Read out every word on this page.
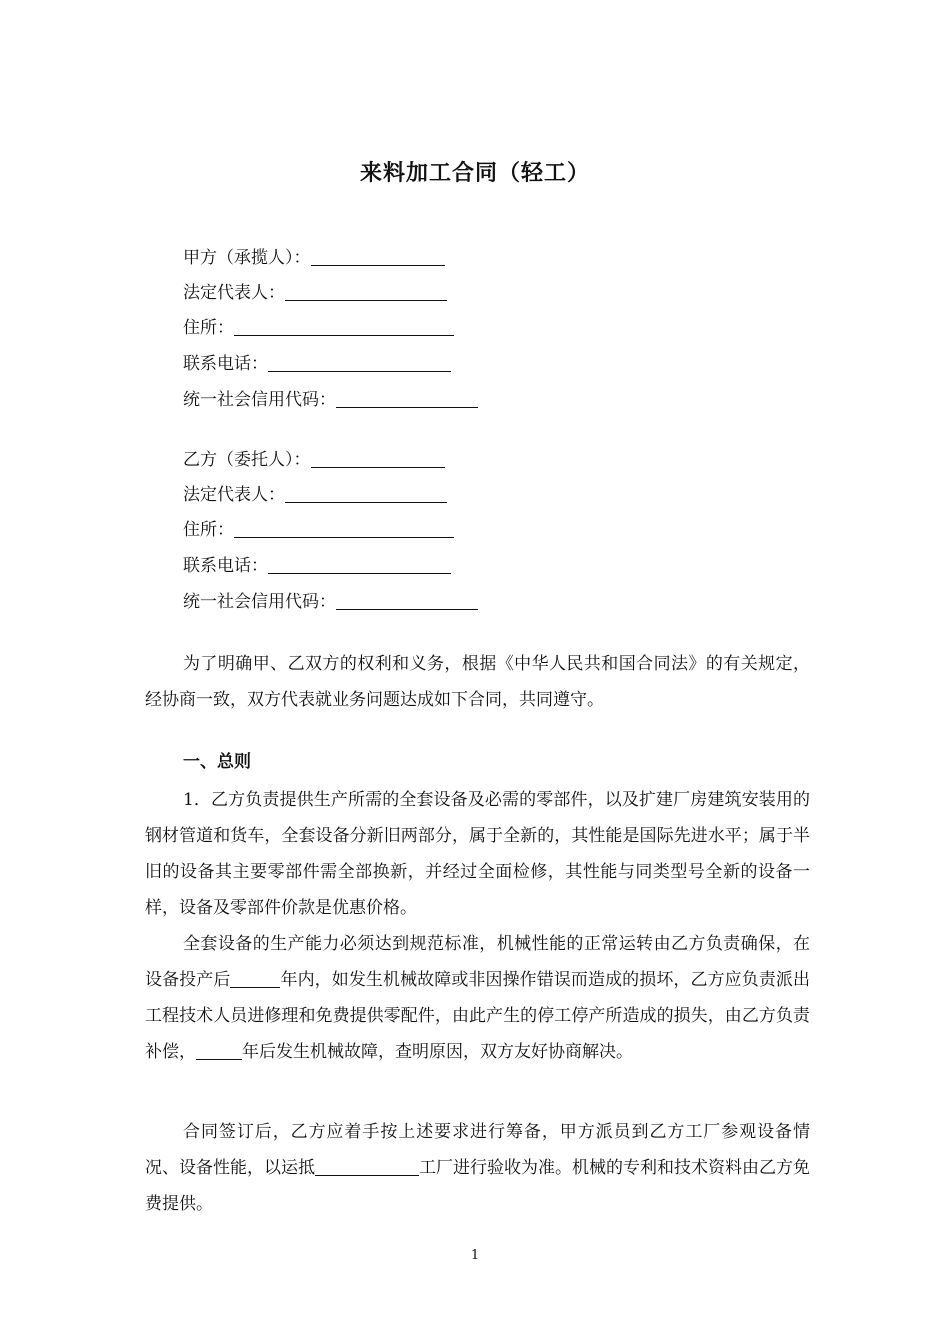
来料加工合同（轻工）
甲方（承揽人）：
法定代表人：
住所：
联系电话：
统一社会信用代码：
乙方（委托人）：
法定代表人：
住所：
联系电话：
统一社会信用代码：

为了明确甲、乙双方的权利和义务，根据《中华人民共和国合同法》的有关规定，经协商一致，双方代表就业务问题达成如下合同，共同遵守。

一、总则

1．乙方负责提供生产所需的全套设备及必需的零部件，以及扩建厂房建筑安装用的钢材管道和货车，全套设备分新旧两部分，属于全新的，其性能是国际先进水平；属于半旧的设备其主要零部件需全部换新，并经过全面检修，其性能与同类型号全新的设备一样，设备及零部件价款是优惠价格。

全套设备的生产能力必须达到规范标准，机械性能的正常运转由乙方负责确保，在设备投产后	年内，如发生机械故障或非因操作错误而造成的损坏，乙方应负责派出工程技术人员进修理和免费提供零配件，由此产生的停工停产所造成的损失，由乙方负责补偿，	年后发生机械故障，查明原因，双方友好协商解决。

合同签订后，乙方应着手按上述要求进行筹备，甲方派员到乙方工厂参观设备情况、设备性能，以运抵	工厂进行验收为准。机械的专利和技术资料由乙方免费提供。

1
